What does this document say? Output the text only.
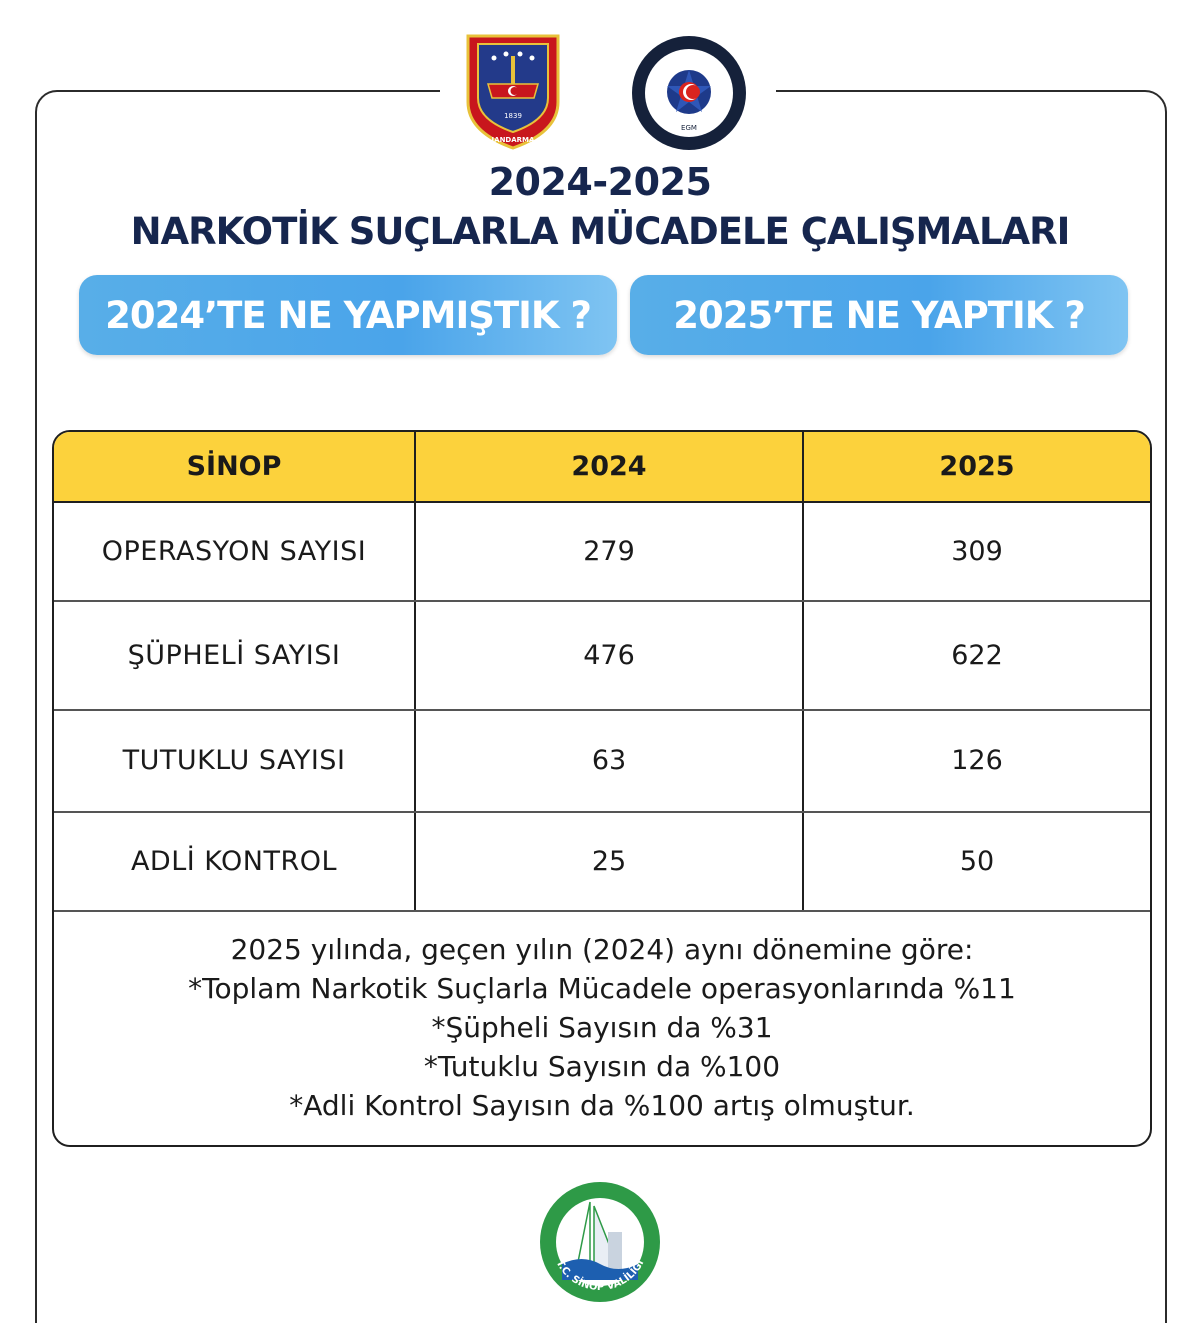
1839
JANDARMA
EGM
SİNOP EMNİYET MÜDÜRLÜĞÜ
2024-2025
NARKOTİK SUÇLARLA MÜCADELE ÇALIŞMALARI
2024’TE NE YAPMIŞTIK ?	2025’TE NE YAPTIK ?
SİNOP	2024	2025
OPERASYON SAYISI	279	309
ŞÜPHELİ SAYISI	476	622
TUTUKLU SAYISI	63	126
ADLİ KONTROL	25	50
2025 yılında, geçen yılın (2024) aynı dönemine göre:
*Toplam Narkotik Suçlarla Mücadele operasyonlarında %11
*Şüpheli Sayısın da %31
*Tutuklu Sayısın da %100
*Adli Kontrol Sayısın da %100 artış olmuştur.
T.C. SİNOP VALİLİĞİ
